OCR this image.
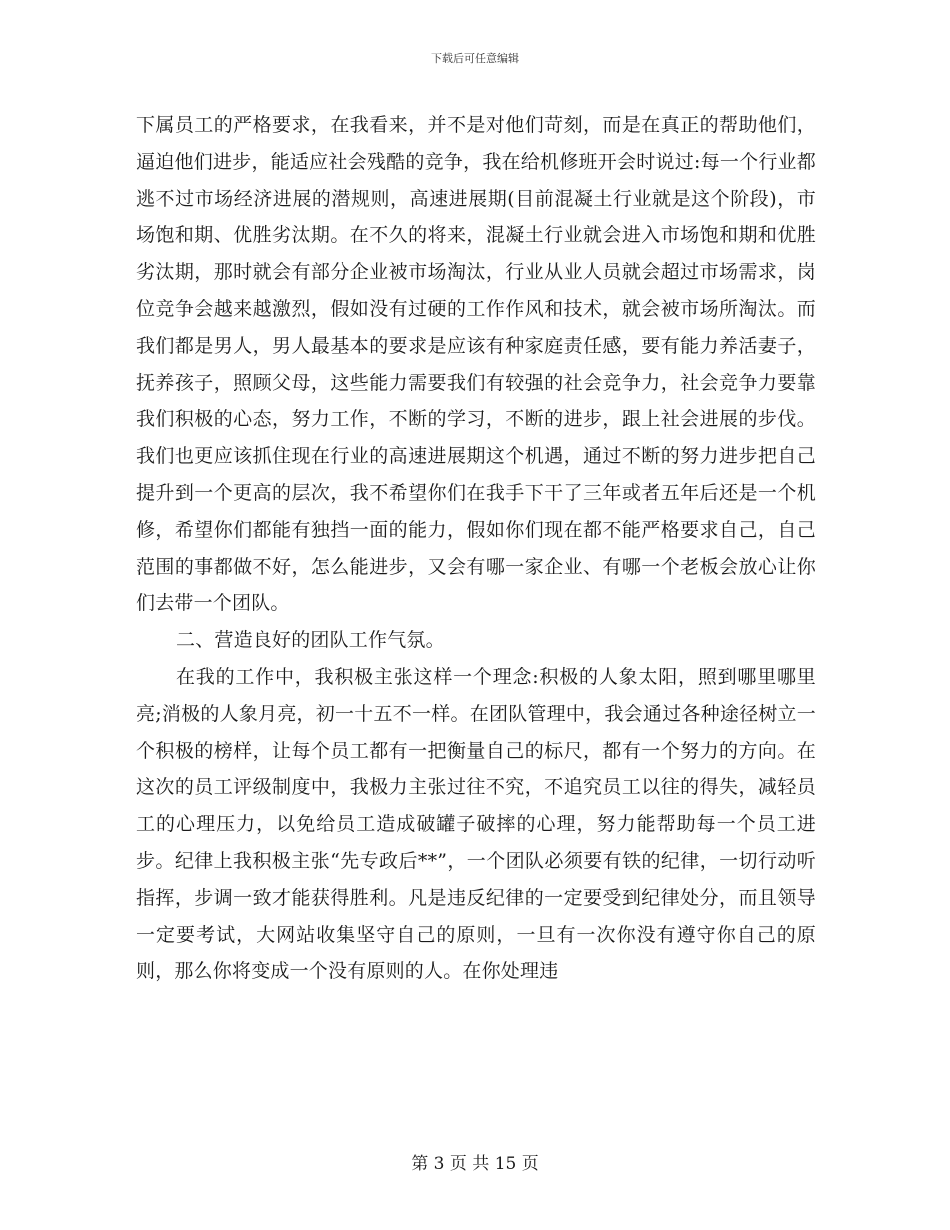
下载后可任意编辑

下属员工的严格要求，在我看来，并不是对他们苛刻，而是在真正的帮助他们，逼迫他们进步，能适应社会残酷的竞争，我在给机修班开会时说过:每一个行业都逃不过市场经济进展的潜规则，高速进展期(目前混凝土行业就是这个阶段)，市场饱和期、优胜劣汰期。在不久的将来，混凝土行业就会进入市场饱和期和优胜劣汰期，那时就会有部分企业被市场淘汰，行业从业人员就会超过市场需求，岗位竞争会越来越激烈，假如没有过硬的工作作风和技术，就会被市场所淘汰。而我们都是男人，男人最基本的要求是应该有种家庭责任感，要有能力养活妻子，抚养孩子，照顾父母，这些能力需要我们有较强的社会竞争力，社会竞争力要靠我们积极的心态，努力工作，不断的学习，不断的进步，跟上社会进展的步伐。我们也更应该抓住现在行业的高速进展期这个机遇，通过不断的努力进步把自己提升到一个更高的层次，我不希望你们在我手下干了三年或者五年后还是一个机修，希望你们都能有独挡一面的能力，假如你们现在都不能严格要求自己，自己范围的事都做不好，怎么能进步，又会有哪一家企业、有哪一个老板会放心让你们去带一个团队。

二、营造良好的团队工作气氛。

在我的工作中，我积极主张这样一个理念:积极的人象太阳，照到哪里哪里亮;消极的人象月亮，初一十五不一样。在团队管理中，我会通过各种途径树立一个积极的榜样，让每个员工都有一把衡量自己的标尺，都有一个努力的方向。在这次的员工评级制度中，我极力主张过往不究，不追究员工以往的得失，减轻员工的心理压力，以免给员工造成破罐子破摔的心理，努力能帮助每一个员工进步。纪律上我积极主张“先专政后**”，一个团队必须要有铁的纪律，一切行动听指挥，步调一致才能获得胜利。凡是违反纪律的一定要受到纪律处分，而且领导一定要考试，大网站收集坚守自己的原则，一旦有一次你没有遵守你自己的原则，那么你将变成一个没有原则的人。在你处理违

第 3 页 共 15 页
